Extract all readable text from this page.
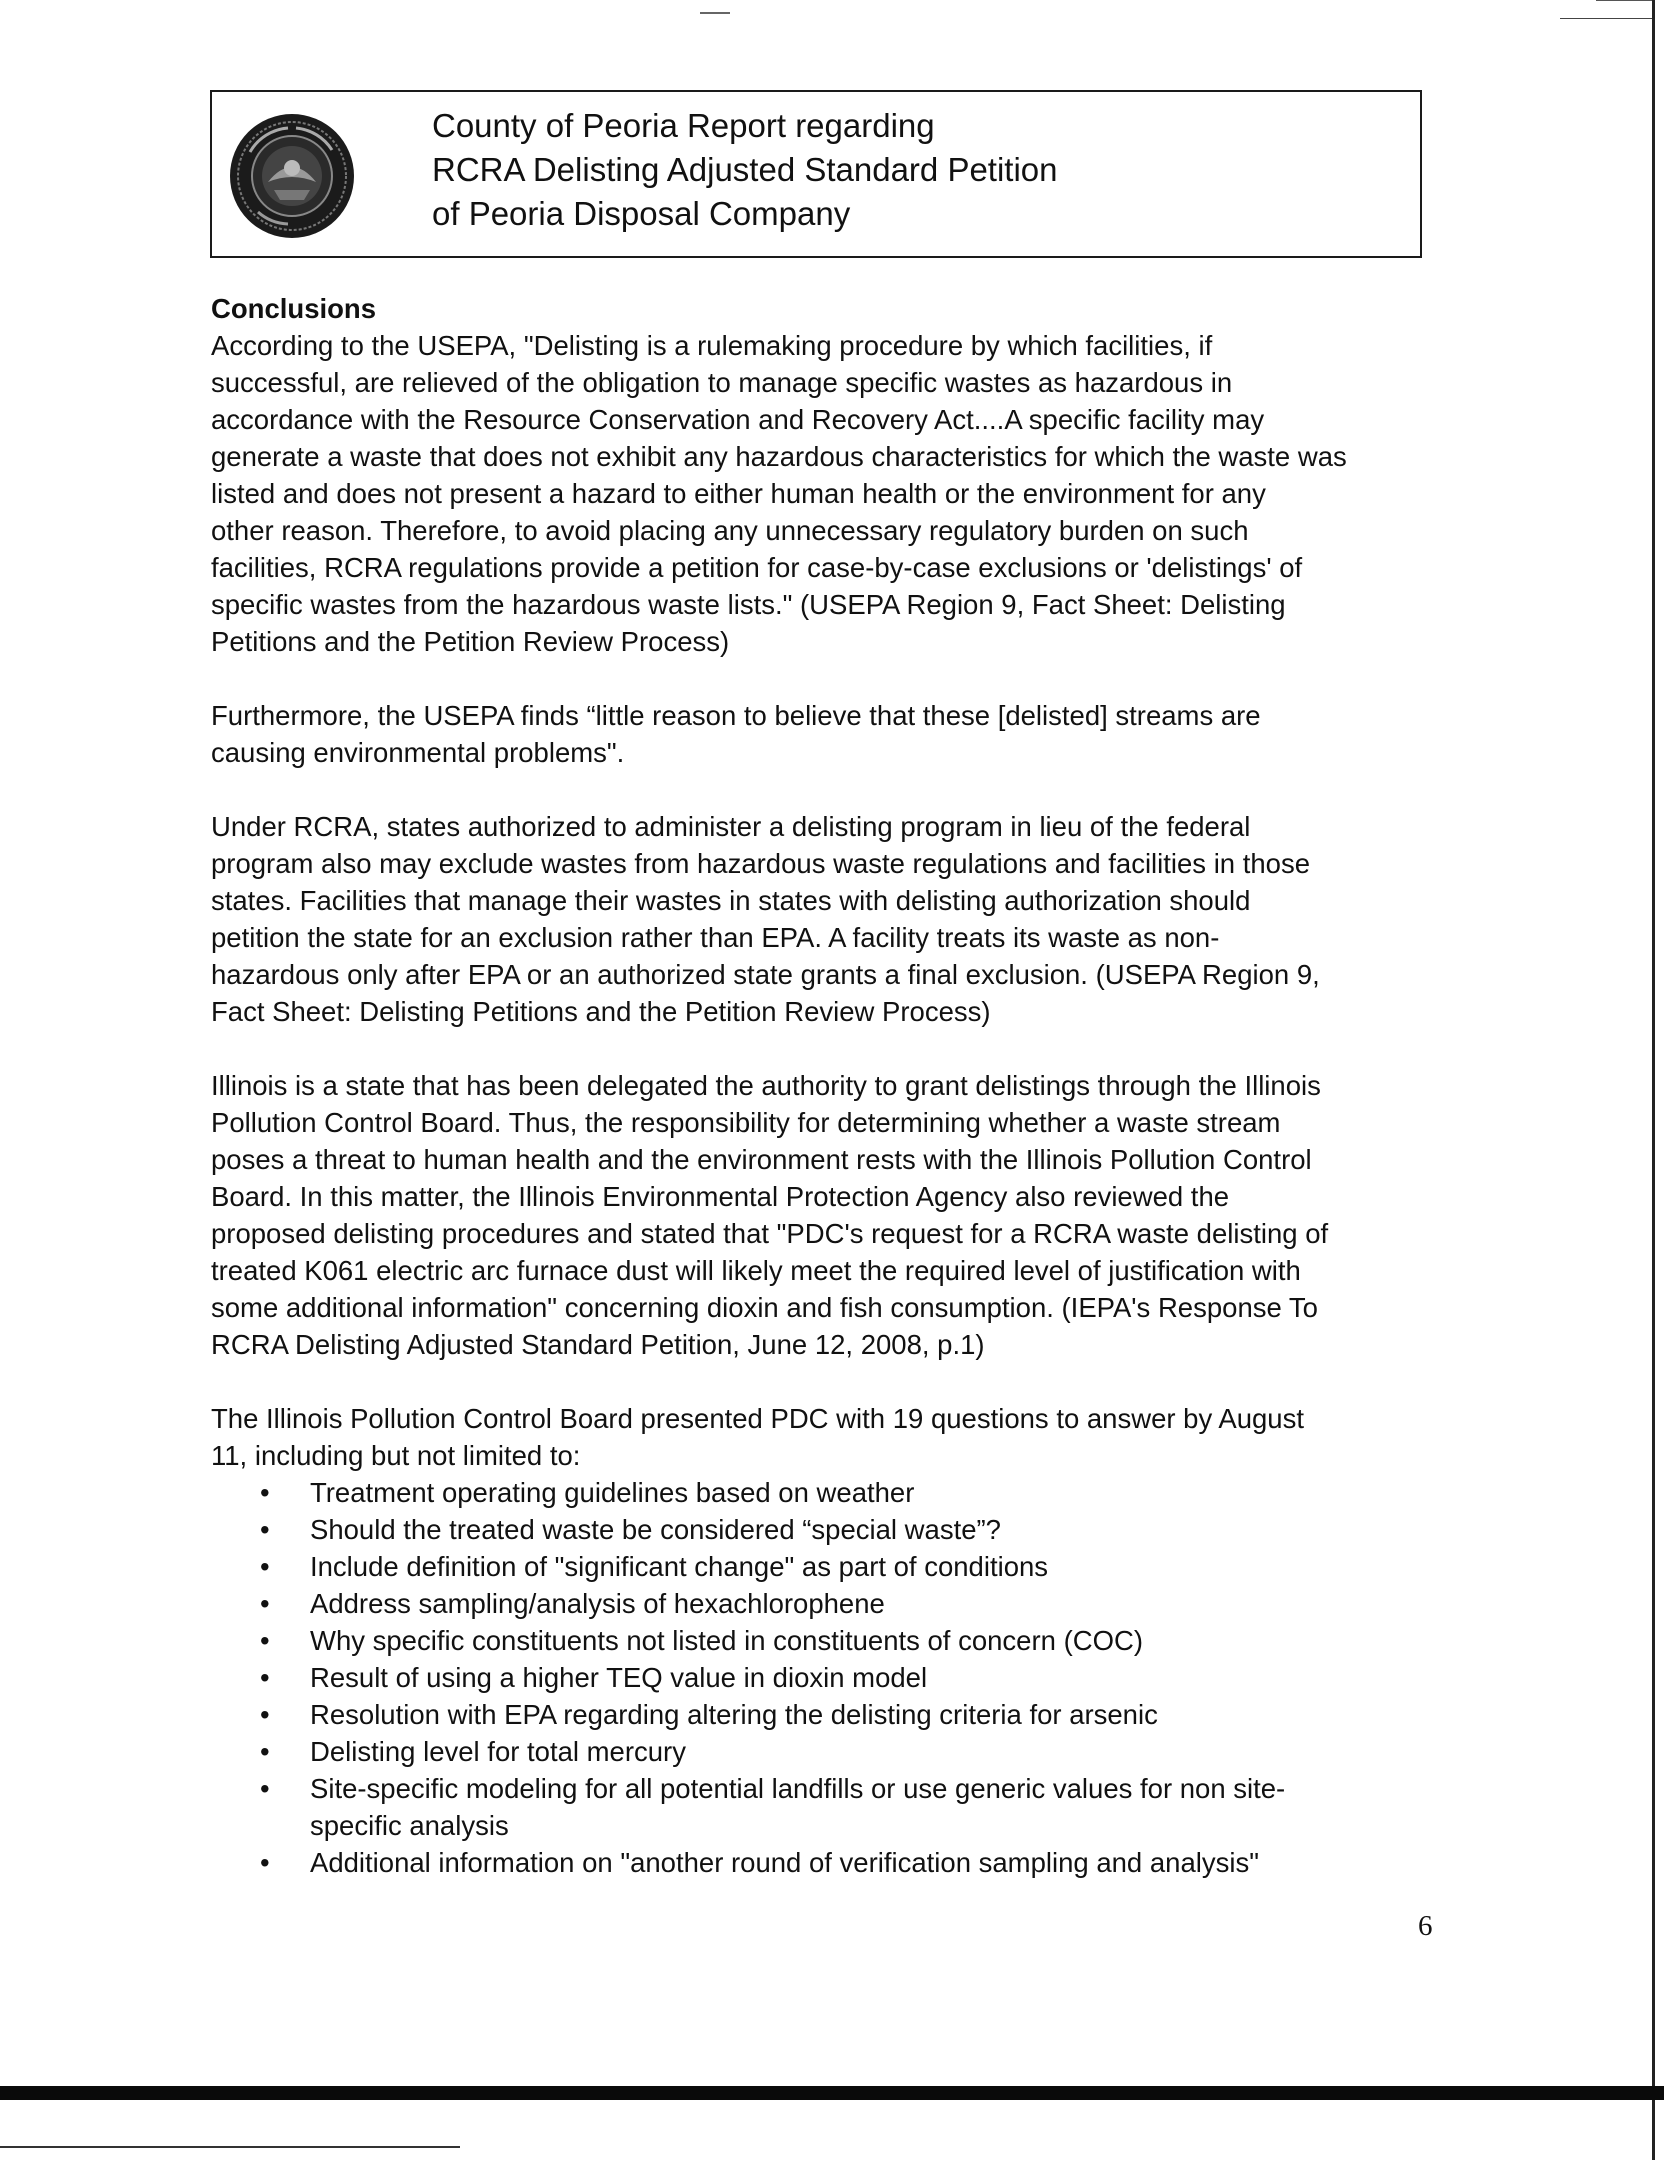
County of Peoria Report regarding
RCRA Delisting Adjusted Standard Petition
of Peoria Disposal Company
Conclusions
According to the USEPA, "Delisting is a rulemaking procedure by which facilities, if
successful, are relieved of the obligation to manage specific wastes as hazardous in
accordance with the Resource Conservation and Recovery Act....A specific facility may
generate a waste that does not exhibit any hazardous characteristics for which the waste was
listed and does not present a hazard to either human health or the environment for any
other reason. Therefore, to avoid placing any unnecessary regulatory burden on such
facilities, RCRA regulations provide a petition for case-by-case exclusions or 'delistings' of
specific wastes from the hazardous waste lists." (USEPA Region 9, Fact Sheet: Delisting
Petitions and the Petition Review Process)
Furthermore, the USEPA finds “little reason to believe that these [delisted] streams are
causing environmental problems".
Under RCRA, states authorized to administer a delisting program in lieu of the federal
program also may exclude wastes from hazardous waste regulations and facilities in those
states. Facilities that manage their wastes in states with delisting authorization should
petition the state for an exclusion rather than EPA. A facility treats its waste as non-
hazardous only after EPA or an authorized state grants a final exclusion. (USEPA Region 9,
Fact Sheet: Delisting Petitions and the Petition Review Process)
Illinois is a state that has been delegated the authority to grant delistings through the Illinois
Pollution Control Board. Thus, the responsibility for determining whether a waste stream
poses a threat to human health and the environment rests with the Illinois Pollution Control
Board. In this matter, the Illinois Environmental Protection Agency also reviewed the
proposed delisting procedures and stated that "PDC's request for a RCRA waste delisting of
treated K061 electric arc furnace dust will likely meet the required level of justification with
some additional information" concerning dioxin and fish consumption. (IEPA's Response To
RCRA Delisting Adjusted Standard Petition, June 12, 2008, p.1)
The Illinois Pollution Control Board presented PDC with 19 questions to answer by August
11, including but not limited to:
• Treatment operating guidelines based on weather
• Should the treated waste be considered “special waste”?
• Include definition of "significant change" as part of conditions
• Address sampling/analysis of hexachlorophene
• Why specific constituents not listed in constituents of concern (COC)
• Result of using a higher TEQ value in dioxin model
• Resolution with EPA regarding altering the delisting criteria for arsenic
• Delisting level for total mercury
• Site-specific modeling for all potential landfills or use generic values for non site-
specific analysis
• Additional information on "another round of verification sampling and analysis"
6
